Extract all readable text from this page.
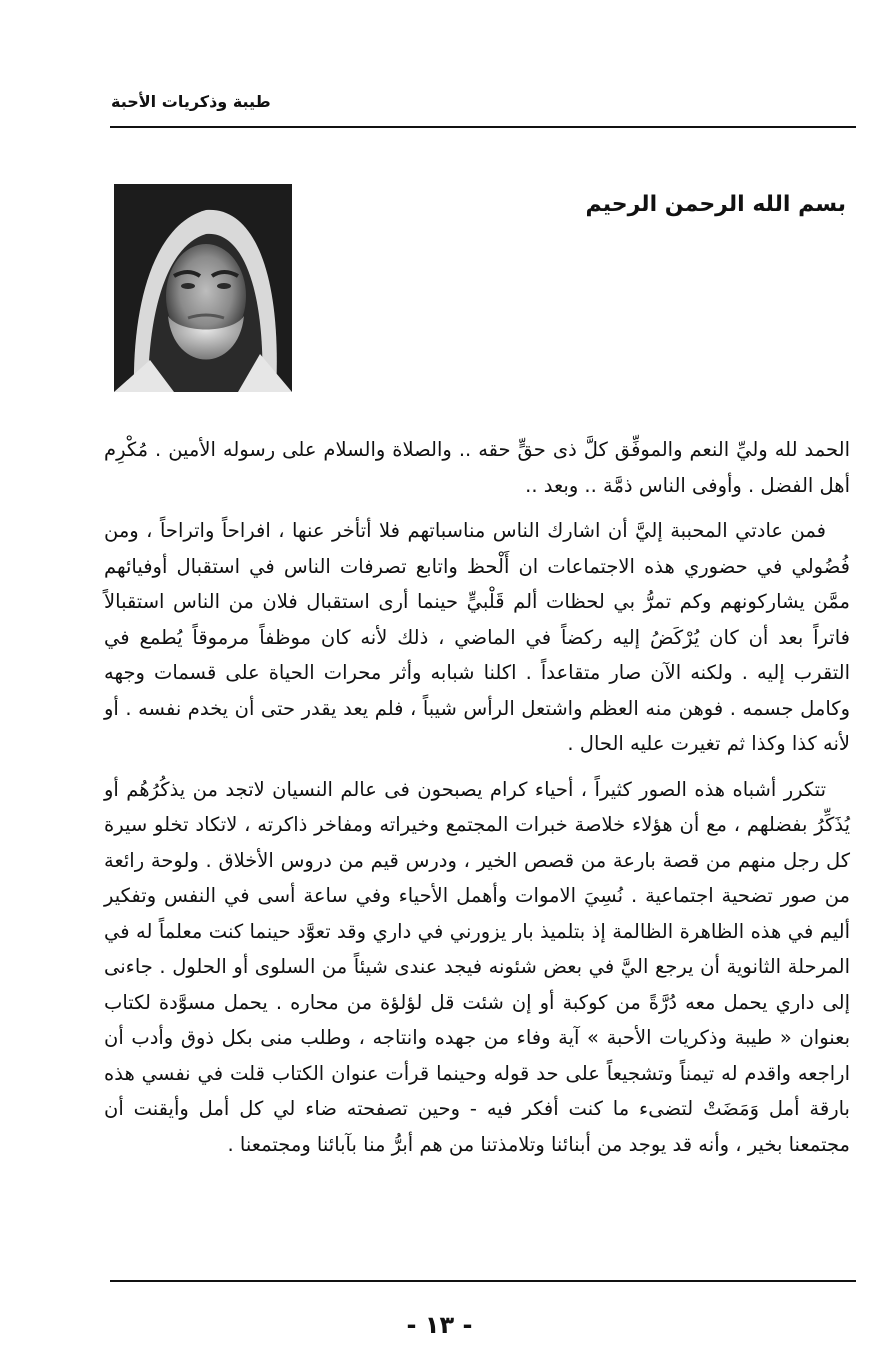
طيبة وذكريات الأحبة
بسم الله الرحمن الرحيم

الحمد لله وليِّ النعم والموفِّق كلَّ ذى حقٍّ حقه .. والصلاة والسلام على رسوله الأمين . مُكْرِم أهل الفضل . وأوفى الناس ذمَّة .. وبعد ..

فمن عادتي المحببة إليَّ أن اشارك الناس مناسباتهم فلا أتأخر عنها ، افراحاً واتراحاً ، ومن فُضُولي في حضوري هذه الاجتماعات ان أَلْحظ واتابع تصرفات الناس في استقبال أوفيائهم ممَّن يشاركونهم وكم تمرُّ بي لحظات ألم قَلْبيٍّ حينما أرى استقبال فلان من الناس استقبالاً فاتراً بعد أن كان يُرْكَضُ إليه ركضاً في الماضي ، ذلك لأنه كان موظفاً مرموقاً يُطمع في التقرب إليه . ولكنه الآن صار متقاعداً . اكلنا شبابه وأثر محرات الحياة على قسمات وجهه وكامل جسمه . فوهن منه العظم واشتعل الرأس شيباً ، فلم يعد يقدر حتى أن يخدم نفسه . أو لأنه كذا وكذا ثم تغيرت عليه الحال .

تتكرر أشباه هذه الصور كثيراً ، أحياء كرام يصبحون فى عالم النسيان لاتجد من يذكُرُهُم أو يُذَكِّرُ بفضلهم ، مع أن هؤلاء خلاصة خبرات المجتمع وخيراته ومفاخر ذاكرته ، لاتكاد تخلو سيرة كل رجل منهم من قصة بارعة من قصص الخير ، ودرس قيم من دروس الأخلاق . ولوحة رائعة من صور تضحية اجتماعية . نُسِيَ الاموات وأهمل الأحياء وفي ساعة أسى في النفس وتفكير أليم في هذه الظاهرة الظالمة إذ بتلميذ بار يزورني في داري وقد تعوَّد حينما كنت معلماً له في المرحلة الثانوية أن يرجع اليَّ في بعض شئونه فيجد عندى شيئاً من السلوى أو الحلول . جاءنى إلى داري يحمل معه دُرَّةً من كوكبة أو إن شئت قل لؤلؤة من محاره . يحمل مسوَّدة لكتاب بعنوان « طيبة وذكريات الأحبة » آية وفاء من جهده وانتاجه ، وطلب منى بكل ذوق وأدب أن اراجعه واقدم له تيمناً وتشجيعاً على حد قوله وحينما قرأت عنوان الكتاب قلت في نفسي هذه بارقة أمل وَمَضَتْ لتضىء ما كنت أفكر فيه - وحين تصفحته ضاء لي كل أمل وأيقنت أن مجتمعنا بخير ، وأنه قد يوجد من أبنائنا وتلامذتنا من هم أبرُّ منا بآبائنا ومجتمعنا .

- ١٣ -
